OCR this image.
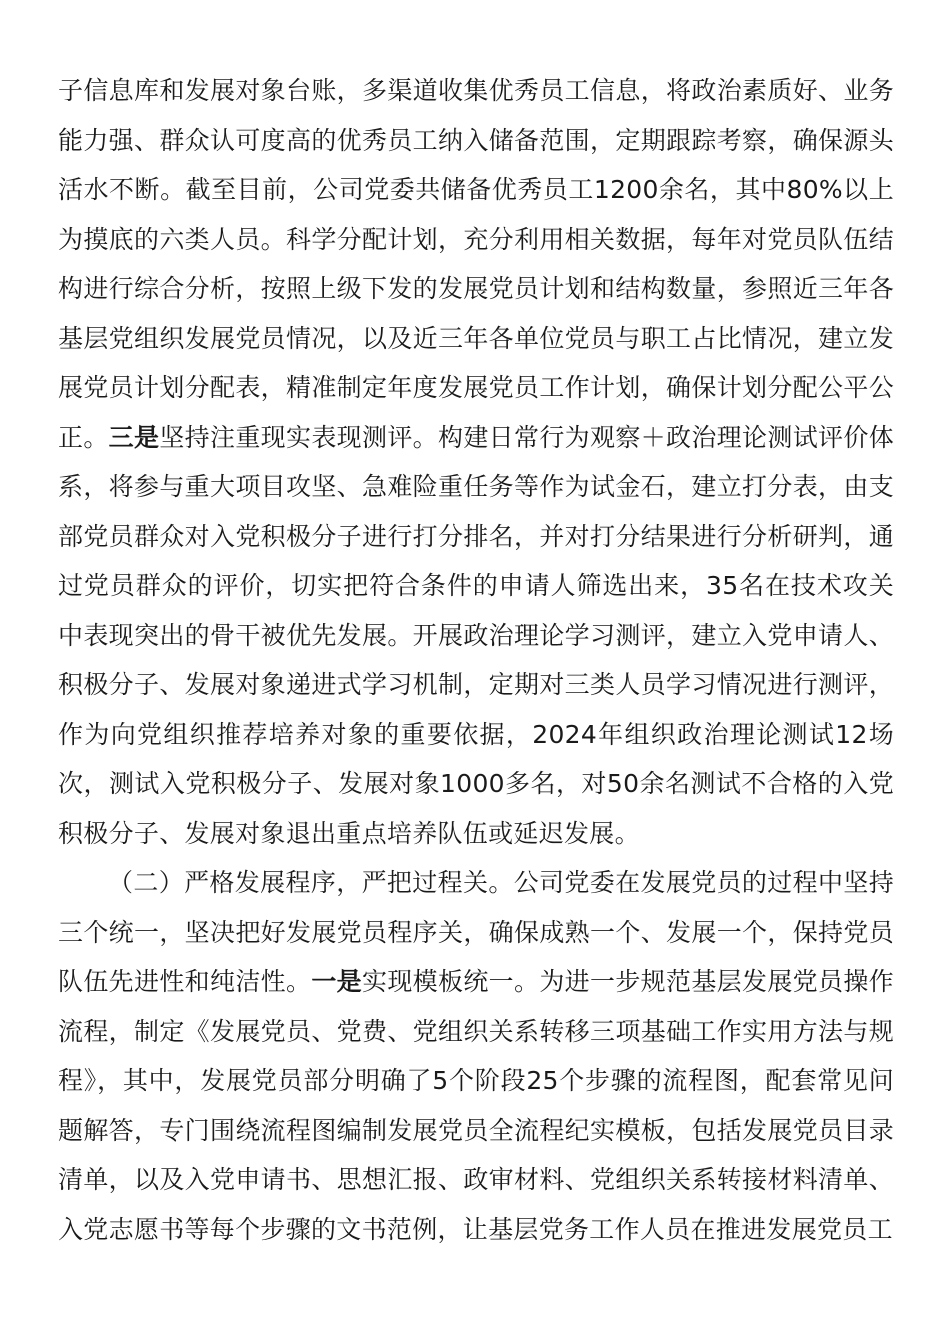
子信息库和发展对象台账，多渠道收集优秀员工信息，将政治素质好、业务能力强、群众认可度高的优秀员工纳入储备范围，定期跟踪考察，确保源头活水不断。截至目前，公司党委共储备优秀员工1200余名，其中80%以上为摸底的六类人员。科学分配计划，充分利用相关数据，每年对党员队伍结构进行综合分析，按照上级下发的发展党员计划和结构数量，参照近三年各基层党组织发展党员情况，以及近三年各单位党员与职工占比情况，建立发展党员计划分配表，精准制定年度发展党员工作计划，确保计划分配公平公正。三是坚持注重现实表现测评。构建日常行为观察＋政治理论测试评价体系，将参与重大项目攻坚、急难险重任务等作为试金石，建立打分表，由支部党员群众对入党积极分子进行打分排名，并对打分结果进行分析研判，通过党员群众的评价，切实把符合条件的申请人筛选出来，35名在技术攻关中表现突出的骨干被优先发展。开展政治理论学习测评，建立入党申请人、积极分子、发展对象递进式学习机制，定期对三类人员学习情况进行测评，作为向党组织推荐培养对象的重要依据，2024年组织政治理论测试12场次，测试入党积极分子、发展对象1000多名，对50余名测试不合格的入党积极分子、发展对象退出重点培养队伍或延迟发展。

（二）严格发展程序，严把过程关。公司党委在发展党员的过程中坚持三个统一，坚决把好发展党员程序关，确保成熟一个、发展一个，保持党员队伍先进性和纯洁性。一是实现模板统一。为进一步规范基层发展党员操作流程，制定《发展党员、党费、党组织关系转移三项基础工作实用方法与规程》，其中，发展党员部分明确了5个阶段25个步骤的流程图，配套常见问题解答，专门围绕流程图编制发展党员全流程纪实模板，包括发展党员目录清单，以及入党申请书、思想汇报、政审材料、党组织关系转接材料清单、入党志愿书等每个步骤的文书范例，让基层党务工作人员在推进发展党员工
